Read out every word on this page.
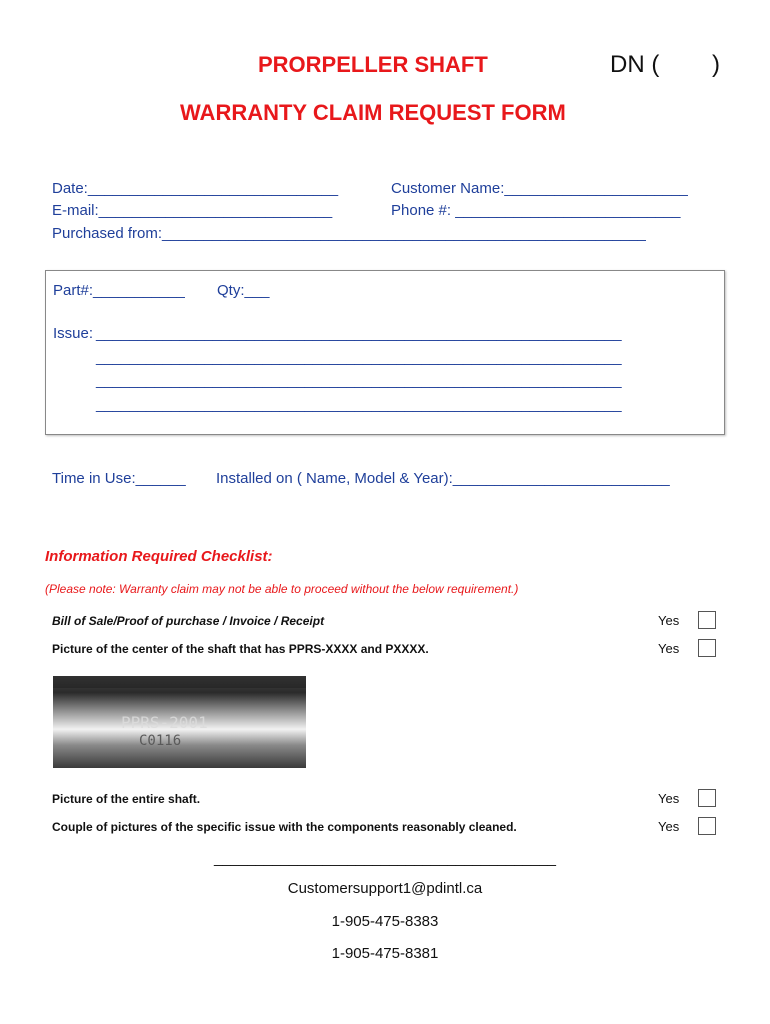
PRORPELLER SHAFT	DN ( )
WARRANTY CLAIM REQUEST FORM
Date:______________________________	Customer Name:______________________
E-mail:____________________________	Phone #: ___________________________
Purchased from:__________________________________________________________
Part#:___________ Qty:___
Issue:
_______________________________________________________________
_______________________________________________________________
_______________________________________________________________
_______________________________________________________________
Time in Use:______ Installed on ( Name, Model & Year):__________________________
Information Required Checklist:
(Please note: Warranty claim may not be able to proceed without the below requirement.)
Bill of Sale/Proof of purchase / Invoice / Receipt	Yes
Picture of the center of the shaft that has PPRS-XXXX and PXXXX.	Yes
PPRS-2001
C0116
Picture of the entire shaft.	Yes
Couple of pictures of the specific issue with the components reasonably cleaned.	Yes
_________________________________________
Customersupport1@pdintl.ca
1-905-475-8383
1-905-475-8381
